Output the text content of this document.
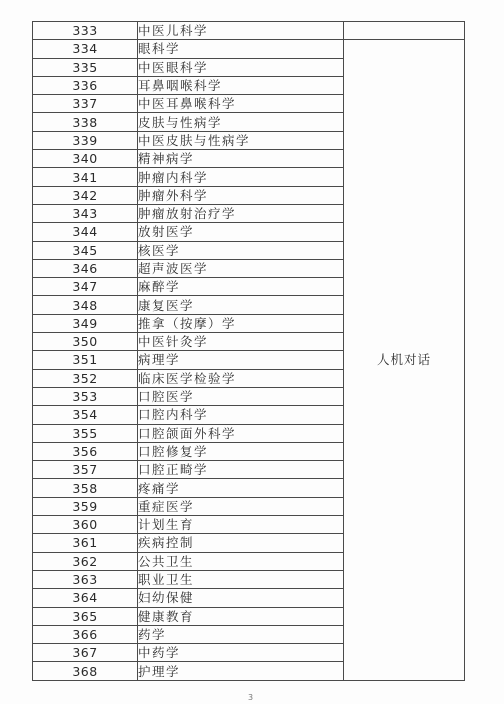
333	中医儿科学	
334	眼科学	人机对话
335	中医眼科学	
336	耳鼻咽喉科学	
337	中医耳鼻喉科学	
338	皮肤与性病学	
339	中医皮肤与性病学	
340	精神病学	
341	肿瘤内科学	
342	肿瘤外科学	
343	肿瘤放射治疗学	
344	放射医学	
345	核医学	
346	超声波医学	
347	麻醉学	
348	康复医学	
349	推拿（按摩）学	
350	中医针灸学	
351	病理学	
352	临床医学检验学	
353	口腔医学	
354	口腔内科学	
355	口腔颌面外科学	
356	口腔修复学	
357	口腔正畸学	
358	疼痛学	
359	重症医学	
360	计划生育	
361	疾病控制	
362	公共卫生	
363	职业卫生	
364	妇幼保健	
365	健康教育	
366	药学	
367	中药学	
368	护理学	
3
